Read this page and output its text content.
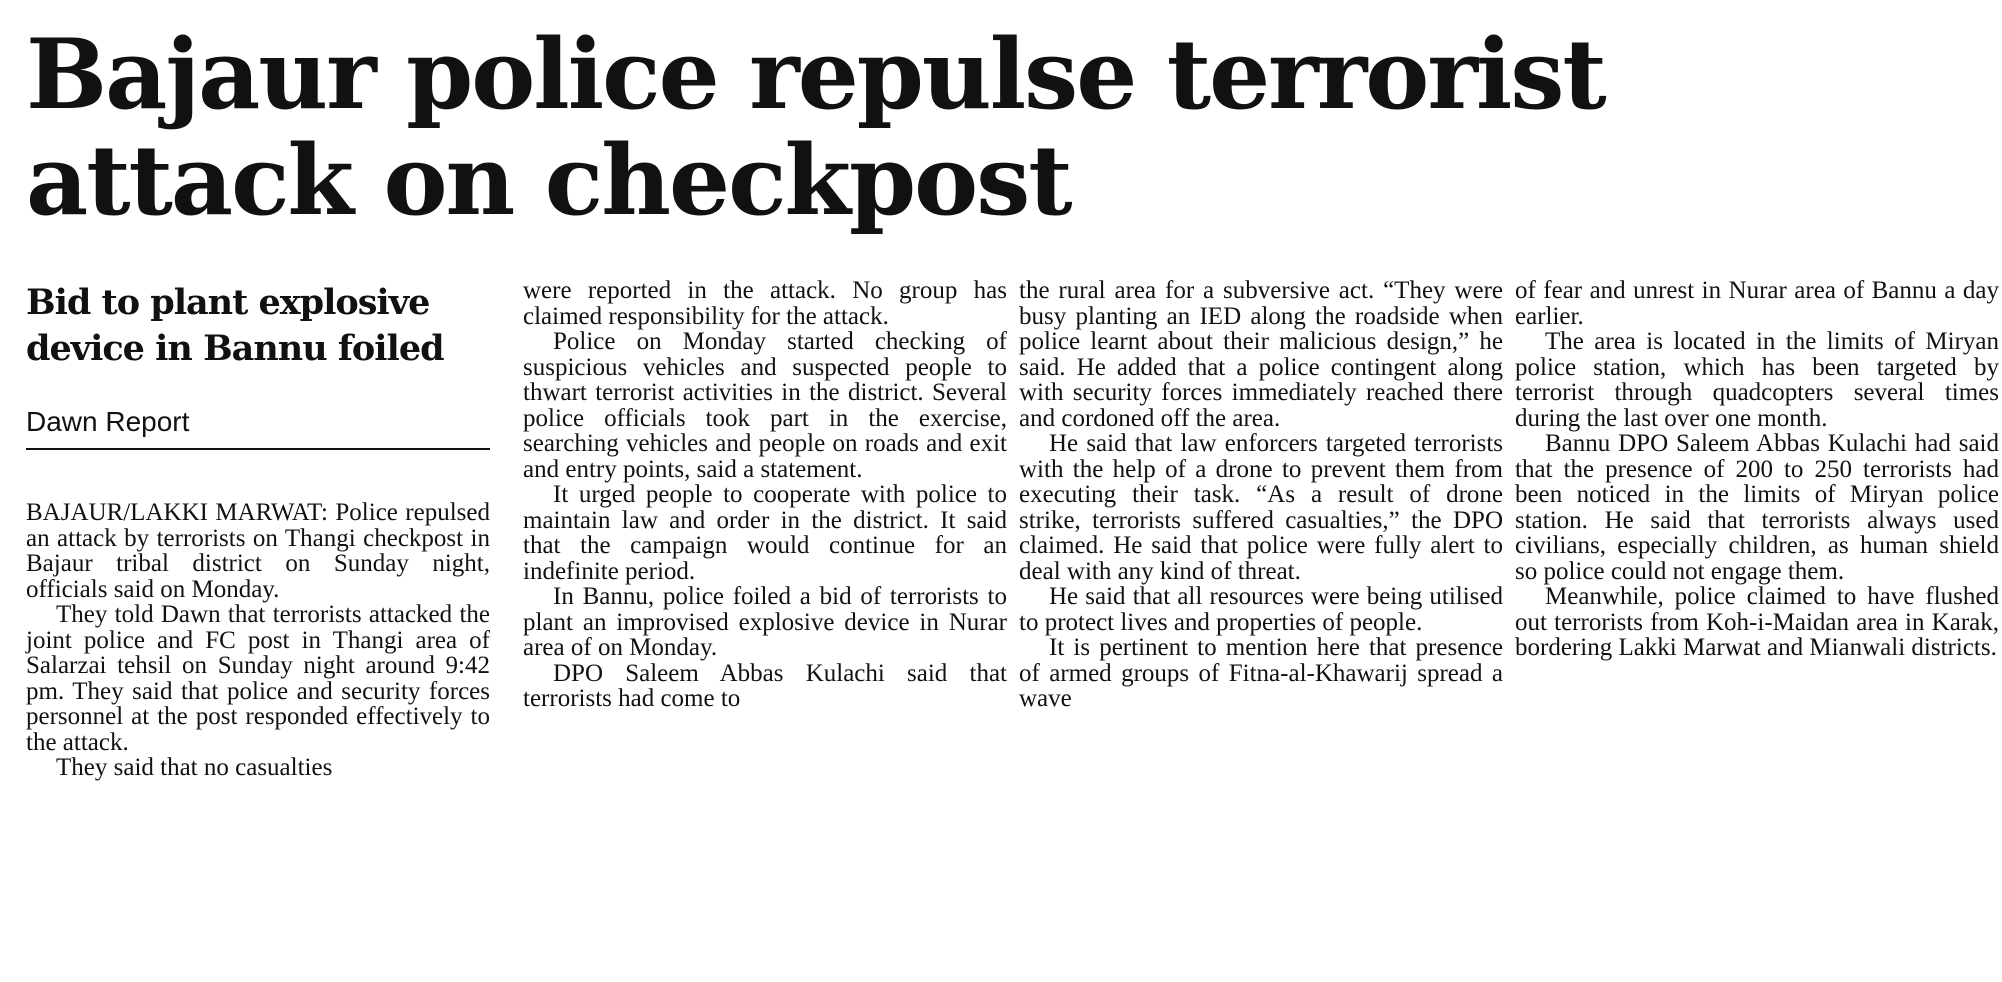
Bajaur police repulse terrorist
attack on checkpost
Bid to plant explosive
device in Bannu foiled
Dawn Report

BAJAUR/LAKKI MARWAT: Police repulsed an attack by terrorists on Thangi checkpost in Bajaur tribal district on Sunday night, officials said on Monday.

They told Dawn that terrorists attacked the joint police and FC post in Thangi area of Salarzai tehsil on Sunday night around 9:42 pm. They said that police and security forces personnel at the post responded effectively to the attack.

They said that no casualties

were reported in the attack. No group has claimed responsibility for the attack.

Police on Monday started checking of suspicious vehicles and suspected people to thwart terrorist activities in the district. Several police officials took part in the exercise, searching vehicles and people on roads and exit and entry points, said a statement.

It urged people to cooperate with police to maintain law and order in the district. It said that the campaign would continue for an indefinite period.

In Bannu, police foiled a bid of terrorists to plant an improvised explosive device in Nurar area of on Monday.

DPO Saleem Abbas Kulachi said that terrorists had come to

the rural area for a subversive act. “They were busy planting an IED along the roadside when police learnt about their malicious design,” he said. He added that a police contingent along with security forces immediately reached there and cordoned off the area.

He said that law enforcers targeted terrorists with the help of a drone to prevent them from executing their task. “As a result of drone strike, terrorists suffered casualties,” the DPO claimed. He said that police were fully alert to deal with any kind of threat.

He said that all resources were being utilised to protect lives and properties of people.

It is pertinent to mention here that presence of armed groups of Fitna-al-Khawarij spread a wave

of fear and unrest in Nurar area of Bannu a day earlier.

The area is located in the limits of Miryan police station, which has been targeted by terrorist through quadcopters several times during the last over one month.

Bannu DPO Saleem Abbas Kulachi had said that the presence of 200 to 250 terrorists had been noticed in the limits of Miryan police station. He said that terrorists always used civilians, especially children, as human shield so police could not engage them.

Meanwhile, police claimed to have flushed out terrorists from Koh-i-Maidan area in Karak, bordering Lakki Marwat and Mianwali districts.
